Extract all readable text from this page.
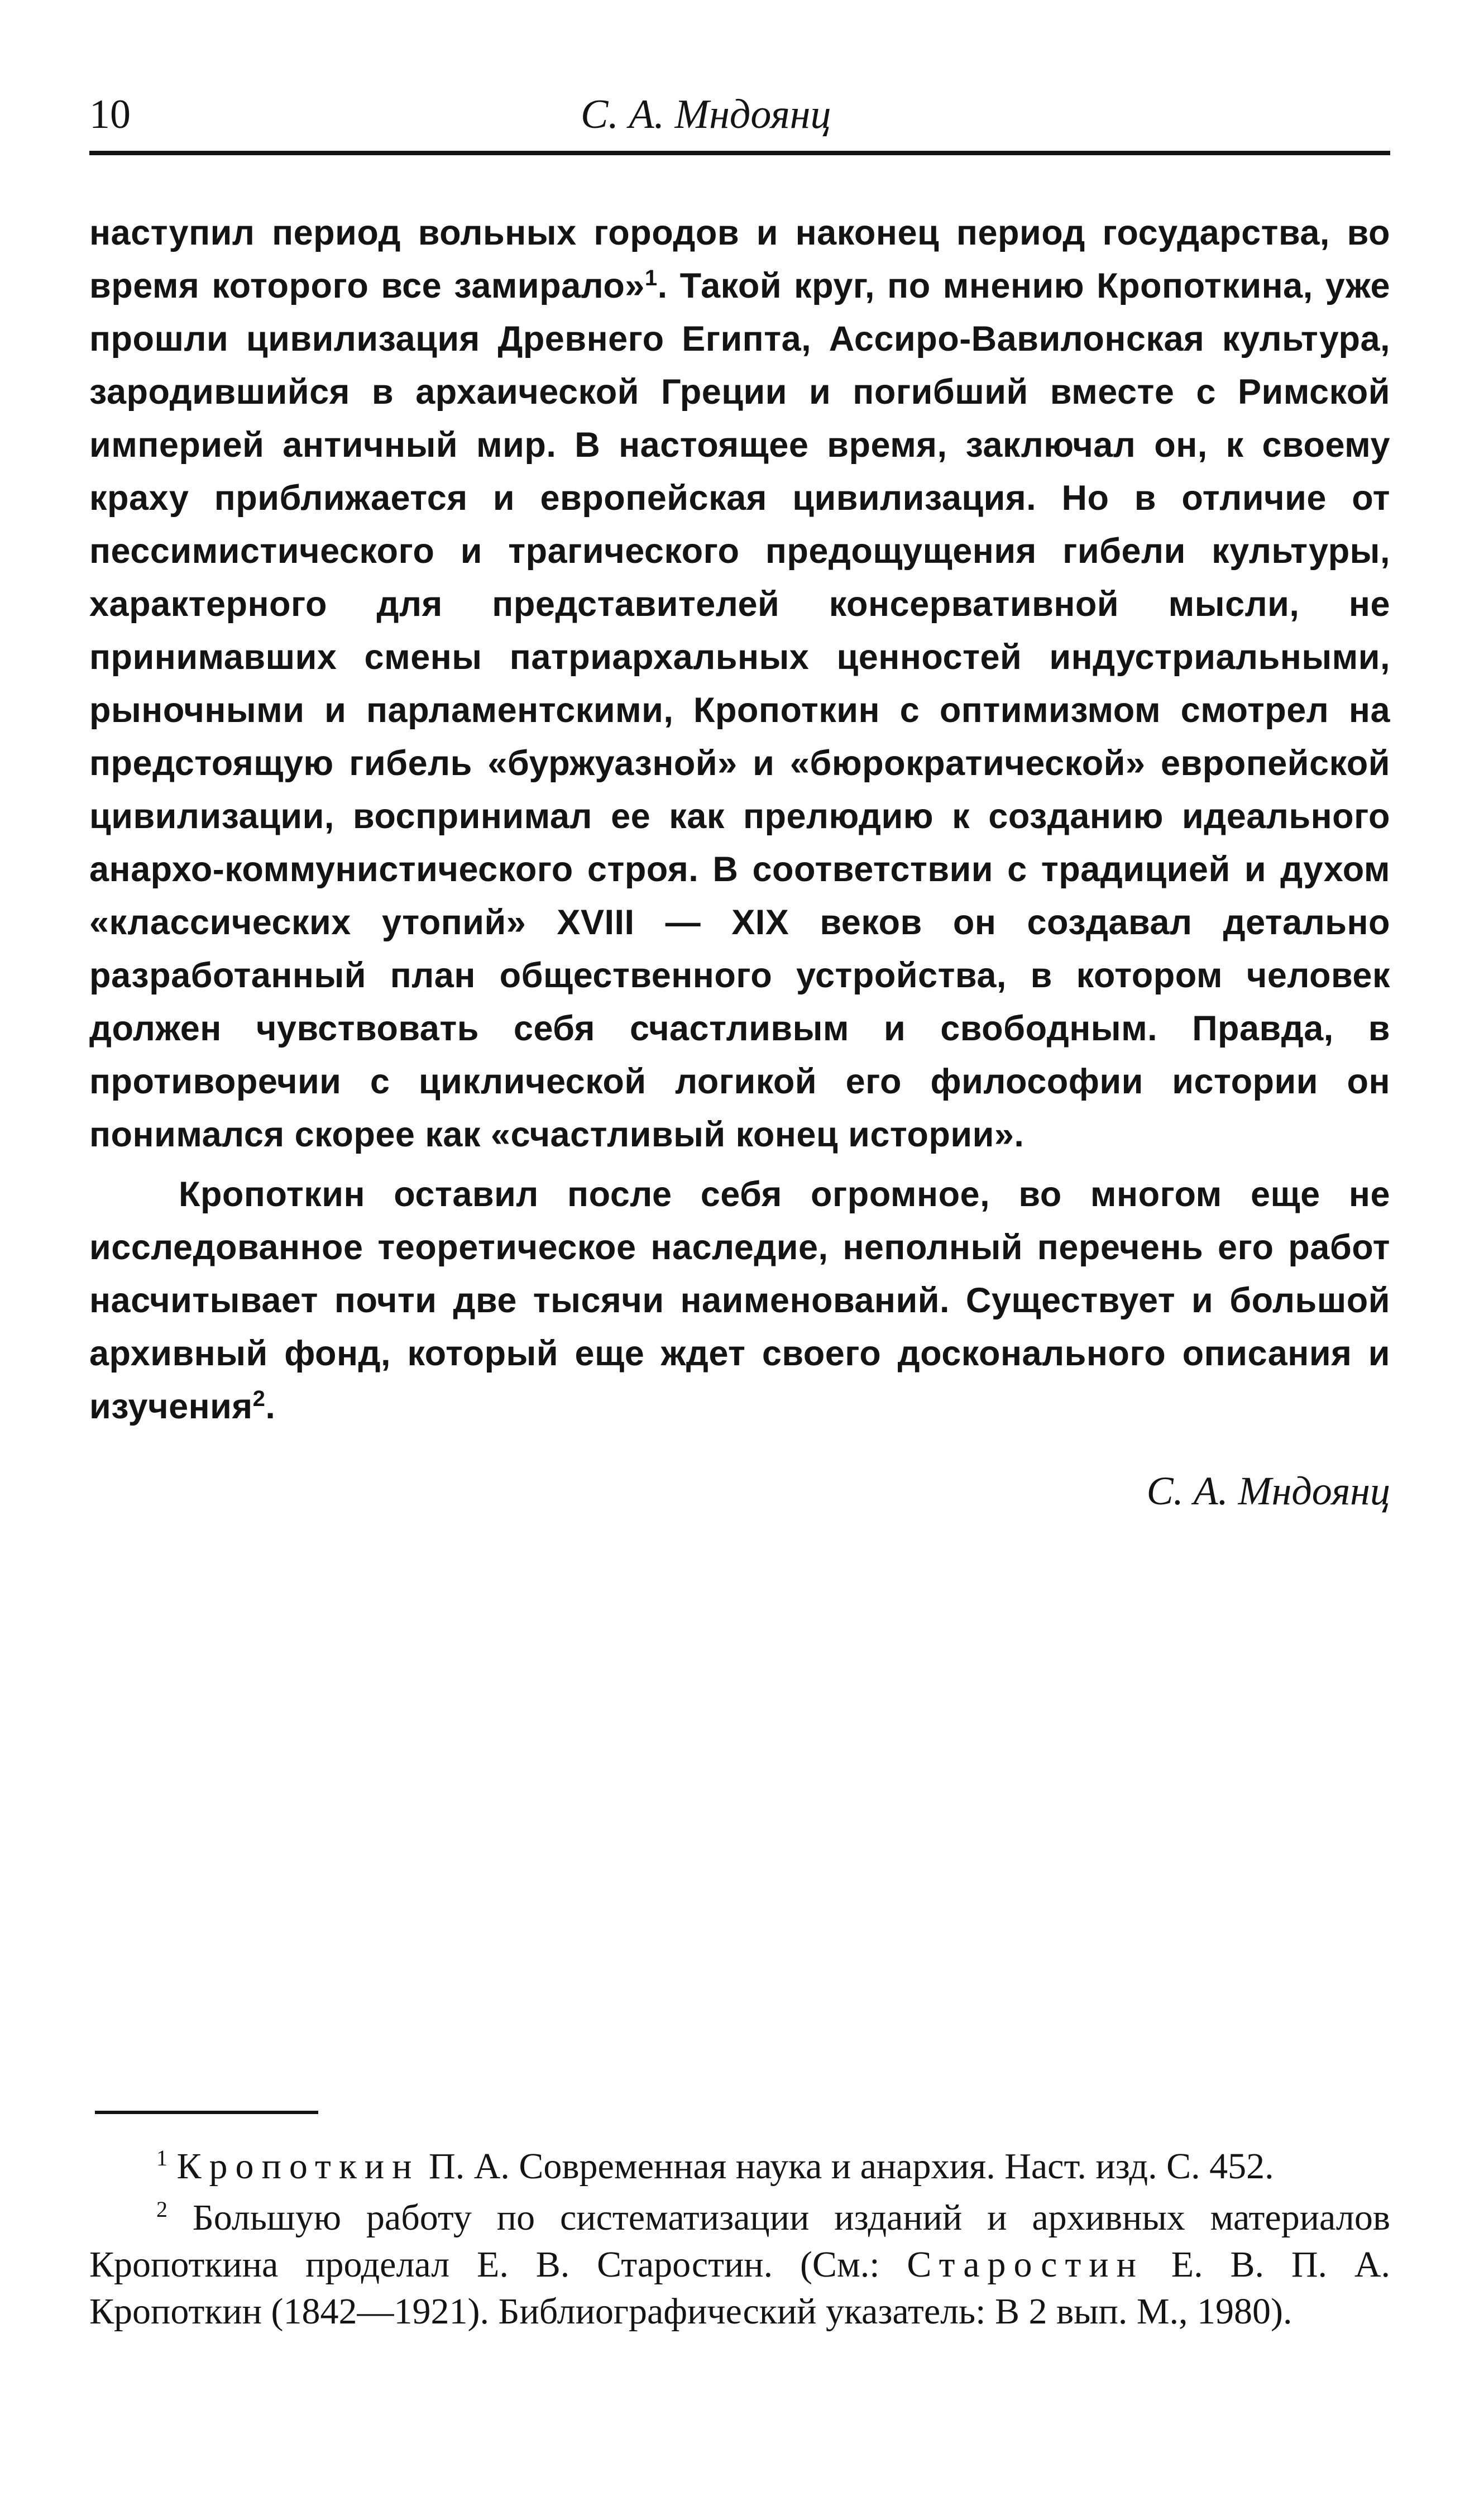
10	С. А. Мндоянц

наступил период вольных городов и наконец период государства, во время которого все замирало»$^1$. Такой круг, по мнению Кропоткина, уже прошли цивилизация Древнего Египта, Ассиро-Вавилонская культура, зародившийся в архаической Греции и погибший вместе с Римской империей античный мир. В настоящее время, заключал он, к своему краху приближается и европейская цивилизация. Но в отличие от пессимистического и трагического предощущения гибели культуры, характерного для представителей консервативной мысли, не принимавших смены патриархальных ценностей индустриальными, рыночными и парламентскими, Кропоткин с оптимизмом смотрел на предстоящую гибель «буржуазной» и «бюрократической» европейской цивилизации, воспринимал ее как прелюдию к созданию идеального анархо-коммунистического строя. В соответствии с традицией и духом «классических утопий» XVIII — XIX веков он создавал детально разработанный план общественного устройства, в котором человек должен чувствовать себя счастливым и свободным. Правда, в противоречии с циклической логикой его философии истории он понимался скорее как «счастливый конец истории».

Кропоткин оставил после себя огромное, во многом еще не исследованное теоретическое наследие, неполный перечень его работ насчитывает почти две тысячи наименований. Существует и большой архивный фонд, который еще ждет своего досконального описания и изучения$^2$.

С. А. Мндоянц

$^1$ Кропоткин П. А. Современная наука и анархия. Наст. изд. С. 452.

$^2$ Большую работу по систематизации изданий и архивных материалов Кропоткина проделал Е. В. Старостин. (См.: Старостин Е. В. П. А. Кропоткин (1842—1921). Библиографический указатель: В 2 вып. М., 1980).
